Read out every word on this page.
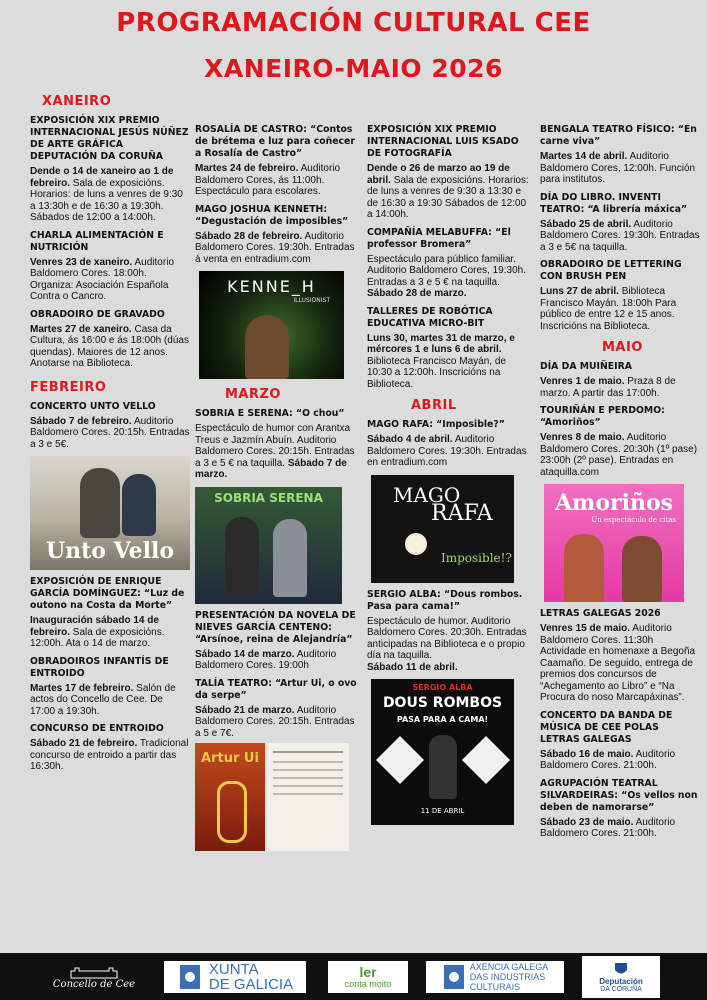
PROGRAMACIÓN CULTURAL CEE
XANEIRO-MAIO 2026
XANEIRO
EXPOSICIÓN XIX PREMIO INTERNACIONAL JESÚS NÚÑEZ DE ARTE GRÁFICA DEPUTACIÓN DA CORUÑA
Dende o 14 de xaneiro ao 1 de febreiro. Sala de exposicións. Horarios: de luns a venres de 9:30 a 13:30h e de 16:30 a 19:30h. Sábados de 12:00 a 14:00h.
CHARLA ALIMENTACIÓN E NUTRICIÓN
Venres 23 de xaneiro. Auditorio Baldomero Cores. 18:00h. Organiza: Asociación Española Contra o Cancro.
OBRADOIRO DE GRAVADO
Martes 27 de xaneiro. Casa da Cultura, ás 16:00 e ás 18:00h (dúas quendas). Maiores de 12 anos. Anotarse na Biblioteca.
FEBREIRO
CONCERTO UNTO VELLO
Sábado 7 de febreiro. Auditorio Baldomero Cores. 20:15h. Entradas a 3 e 5€.
Unto Vello
EXPOSICIÓN DE ENRIQUE GARCÍA DOMÍNGUEZ: “Luz de outono na Costa da Morte”
Inauguración sábado 14 de febreiro. Sala de exposicións. 12:00h. Ata o 14 de marzo.
OBRADOIROS INFANTÍS DE ENTROIDO
Martes 17 de febreiro. Salón de actos do Concello de Cee. De 17:00 a 19:30h.
CONCURSO DE ENTROIDO
Sábado 21 de febreiro. Tradicional concurso de entroido a partir das 16:30h.
ROSALÍA DE CASTRO: “Contos de brétema e luz para coñecer a Rosalía de Castro”
Martes 24 de febreiro. Auditorio Baldomero Cores, ás 11:00h. Espectáculo para escolares.
MAGO JOSHUA KENNETH: “Degustación de imposibles”
Sábado 28 de febreiro. Auditorio Baldomero Cores. 19:30h. Entradas á venta en entradium.com
KENNE_H
ILLUSIONIST
MARZO
SOBRIA E SERENA: “O chou”
Espectáculo de humor con Arantxa Treus e Jazmín Abuín. Auditorio Baldomero Cores. 20:15h. Entradas a 3 e 5 € na taquilla. Sábado 7 de marzo.
SOBRIA SERENA
PRESENTACIÓN DA NOVELA DE NIEVES GARCÍA CENTENO: “Arsínoe, reina de Alejandría”
Sábado 14 de marzo. Auditorio Baldomero Cores. 19:00h
TALÍA TEATRO: “Artur Ui, o ovo da serpe”
Sábado 21 de marzo. Auditorio Baldomero Cores. 20:15h. Entradas a 5 e 7€.
Artur Ui
EXPOSICIÓN XIX PREMIO INTERNACIONAL LUIS KSADO DE FOTOGRAFÍA
Dende o 26 de marzo ao 19 de abril. Sala de exposicións. Horarios: de luns a venres de 9:30 a 13:30 e de 16:30 a 19:30 Sábados de 12:00 a 14:00h.
COMPAÑÍA MELABUFFA: “El professor Bromera”
Espectáculo para público familiar. Auditorio Baldomero Cores, 19:30h. Entradas a 3 e 5 € na taquilla. Sábado 28 de marzo.
TALLERES DE ROBÓTICA EDUCATIVA MICRO-BIT
Luns 30, martes 31 de marzo, e mércores 1 e luns 6 de abril. Biblioteca Francisco Mayán, de 10:30 a 12:00h. Inscricións na Biblioteca.
ABRIL
MAGO RAFA: “Imposible?”
Sábado 4 de abril. Auditorio Baldomero Cores. 19:30h. Entradas en entradium.com
MAGO
RAFA
Imposible!?
SERGIO ALBA: “Dous rombos. Pasa para cama!”
Espectáculo de humor. Auditorio Baldomero Cores. 20:30h. Entradas anticipadas na Biblioteca e o propio día na taquilla.
Sábado 11 de abril.
SERGIO ALBA
DOUS ROMBOS
PASA PARA A CAMA!
11 DE ABRIL
BENGALA TEATRO FÍSICO: “En carne viva”
Martes 14 de abril. Auditorio Baldomero Cores, 12:00h. Función para institutos.
DÍA DO LIBRO. INVENTI TEATRO: “A librería máxica”
Sábado 25 de abril. Auditorio Baldomero Cores. 19:30h. Entradas a 3 e 5€ na taquilla.
OBRADOIRO DE LETTERING CON BRUSH PEN
Luns 27 de abril. Biblioteca Francisco Mayán. 18:00h Para público de entre 12 e 15 anos. Inscricións na Biblioteca.
MAIO
DÍA DA MUIÑEIRA
Venres 1 de maio. Praza 8 de marzo. A partir das 17:00h.
TOURIÑÁN E PERDOMO: “Amoriños”
Venres 8 de maio. Auditorio Baldomero Cores. 20:30h (1º pase) 23:00h (2º pase). Entradas en ataquilla.com
Amoriños
Un espectáculo de citas
LETRAS GALEGAS 2026
Venres 15 de maio. Auditorio Baldomero Cores. 11:30h Actividade en homenaxe a Begoña Caamaño. De seguido, entrega de premios dos concursos de “Achegamento ao Libro” e “Na Procura do noso Marcapáxinas”.
CONCERTO DA BANDA DE MÚSICA DE CEE POLAS LETRAS GALEGAS
Sábado 16 de maio. Auditorio Baldomero Cores. 21:00h.
AGRUPACIÓN TEATRAL SILVARDEIRAS: “Os vellos non deben de namorarse”
Sábado 23 de maio. Auditorio Baldomero Cores. 21:00h.
Concello de Cee
XUNTA
DE GALICIA
ler
conta moito
AXENCIA GALEGA
DAS INDUSTRIAS
CULTURAIS
Deputación
DA CORUÑA
